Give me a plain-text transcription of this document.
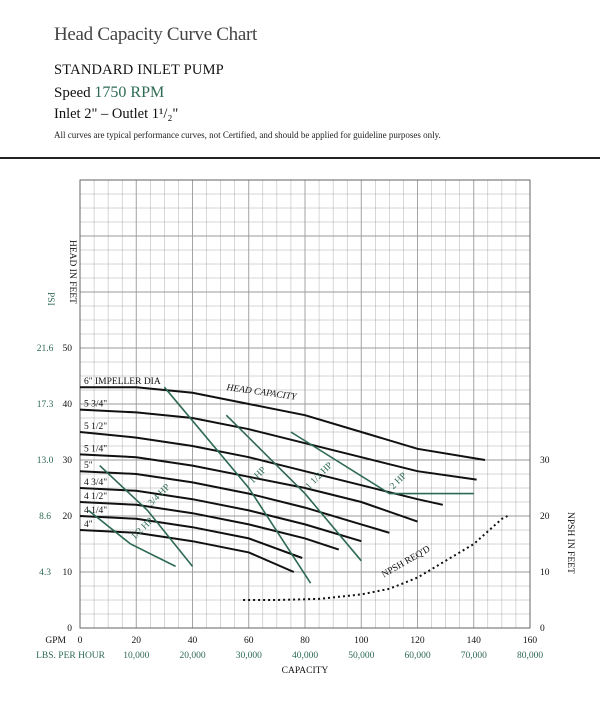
Head Capacity Curve Chart
STANDARD INLET PUMP
Speed 1750 RPM
Inlet 2" – Outlet 1¹/₂"
All curves are typical performance curves, not Certified, and should be applied for guideline purposes only.
6" IMPELLER DIA
5 3/4"
5 1/2"
5 1/4"
5"
4 3/4"
4 1/2"
4 1/4"
4"
HEAD CAPACITY
1/2 HP
3/4 HP
1 HP	1 1/2 HP	2 HP
NPSH REQ'D
0	20	40	60	80	100	120	140	160
10,000	20,000	30,000	40,000	50,000	60,000	70,000	80,000
GPM
LBS. PER HOUR
CAPACITY
0
10
20
30
40
50
4.3
8.6
13.0
17.3
21.6
0
10
20
30
HEAD IN FEET
PSI
NPSH IN FEET
